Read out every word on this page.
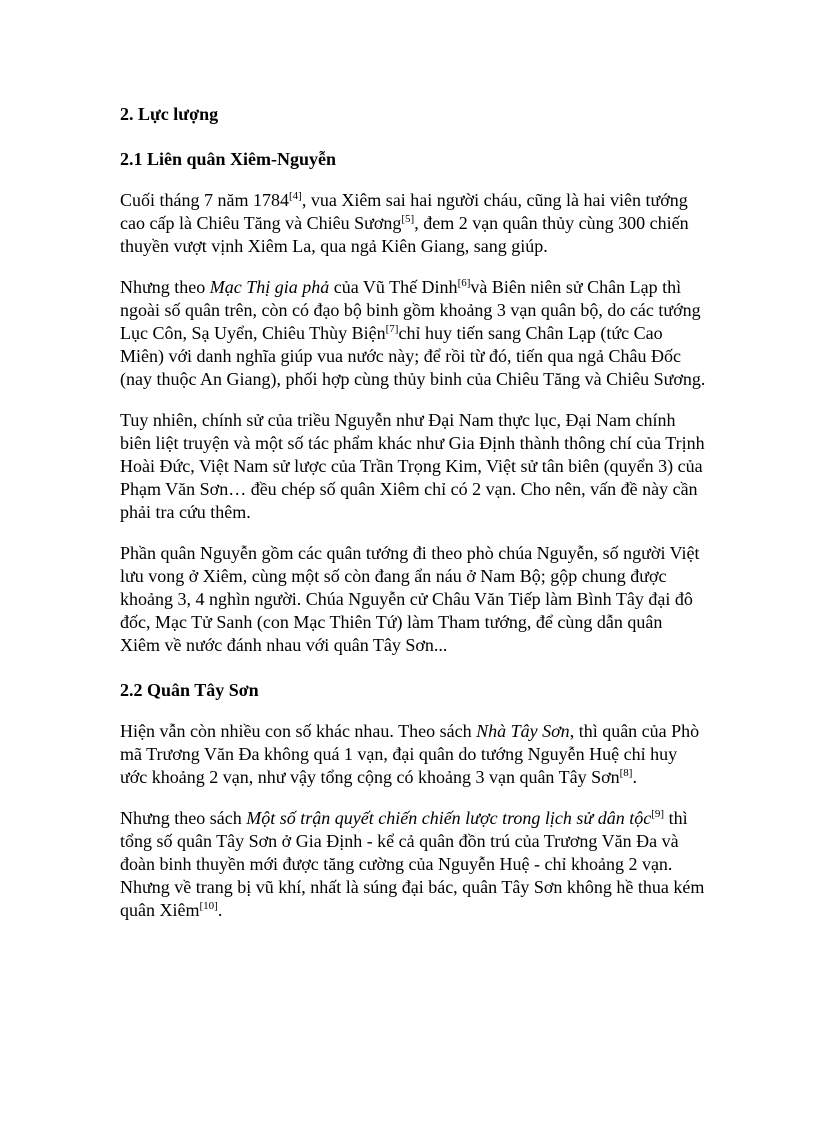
2. Lực lượng
2.1 Liên quân Xiêm-Nguyễn

Cuối tháng 7 năm 1784[4], vua Xiêm sai hai người cháu, cũng là hai viên tướng cao cấp là Chiêu Tăng và Chiêu Sương[5], đem 2 vạn quân thủy cùng 300 chiến thuyền vượt vịnh Xiêm La, qua ngả Kiên Giang, sang giúp.

Nhưng theo Mạc Thị gia phả của Vũ Thế Dinh[6]và Biên niên sử Chân Lạp thì ngoài số quân trên, còn có đạo bộ binh gồm khoảng 3 vạn quân bộ, do các tướng Lục Côn, Sạ Uyển, Chiêu Thùy Biện[7]chỉ huy tiến sang Chân Lạp (tức Cao Miên) với danh nghĩa giúp vua nước này; để rồi từ đó, tiến qua ngả Châu Đốc (nay thuộc An Giang), phối hợp cùng thủy binh của Chiêu Tăng và Chiêu Sương.

Tuy nhiên, chính sử của triều Nguyễn như Đại Nam thực lục, Đại Nam chính biên liệt truyện và một số tác phẩm khác như Gia Định thành thông chí của Trịnh Hoài Đức, Việt Nam sử lược của Trần Trọng Kim, Việt sử tân biên (quyển 3) của Phạm Văn Sơn… đều chép số quân Xiêm chỉ có 2 vạn. Cho nên, vấn đề này cần phải tra cứu thêm.

Phần quân Nguyễn gồm các quân tướng đi theo phò chúa Nguyễn, số người Việt lưu vong ở Xiêm, cùng một số còn đang ẩn náu ở Nam Bộ; gộp chung được khoảng 3, 4 nghìn người. Chúa Nguyễn cử Châu Văn Tiếp làm Bình Tây đại đô đốc, Mạc Tử Sanh (con Mạc Thiên Tứ) làm Tham tướng, để cùng dẫn quân Xiêm về nước đánh nhau với quân Tây Sơn...

2.2 Quân Tây Sơn

Hiện vẫn còn nhiều con số khác nhau. Theo sách Nhà Tây Sơn, thì quân của Phò mã Trương Văn Đa không quá 1 vạn, đại quân do tướng Nguyễn Huệ chỉ huy ước khoảng 2 vạn, như vậy tổng cộng có khoảng 3 vạn quân Tây Sơn[8].

Nhưng theo sách Một số trận quyết chiến chiến lược trong lịch sử dân tộc[9] thì tổng số quân Tây Sơn ở Gia Định - kể cả quân đồn trú của Trương Văn Đa và đoàn binh thuyền mới được tăng cường của Nguyễn Huệ - chỉ khoảng 2 vạn. Nhưng về trang bị vũ khí, nhất là súng đại bác, quân Tây Sơn không hề thua kém quân Xiêm[10].
